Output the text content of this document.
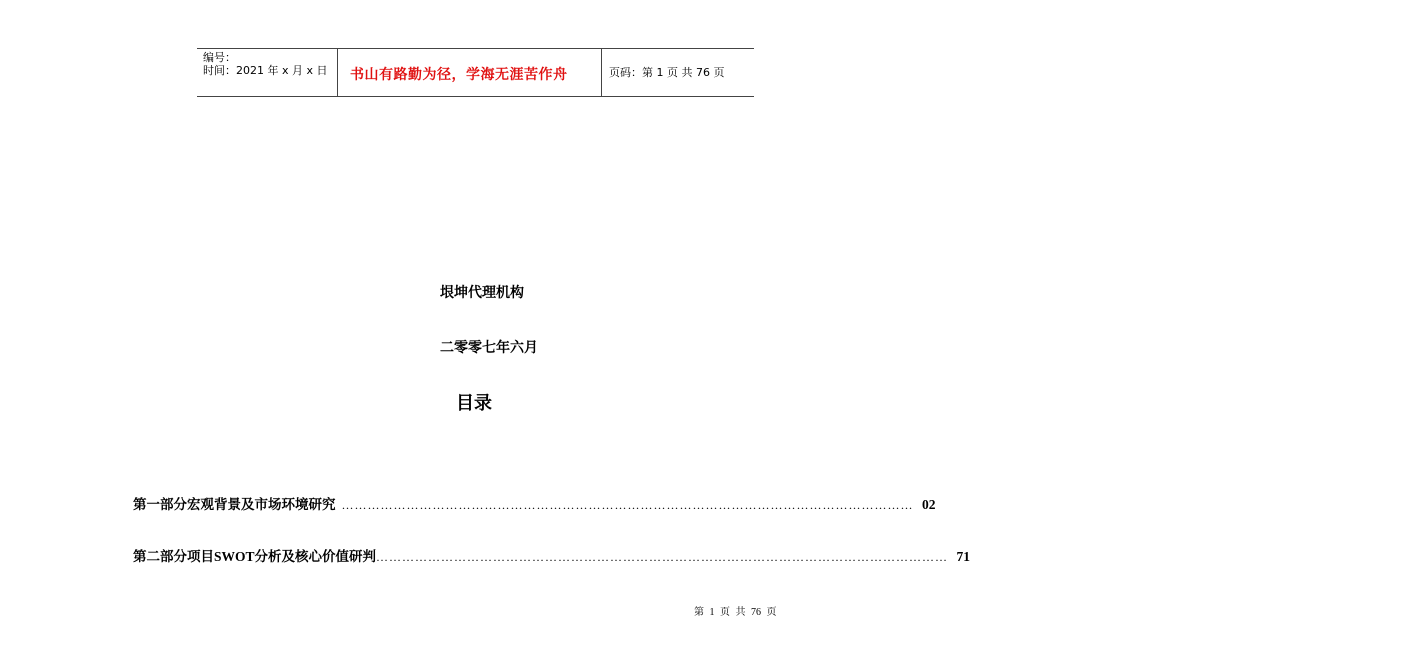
编号：
时间：2021 年 x 月 x 日 书山有路勤为径，学海无涯苦作舟	页码：第 1 页 共 76 页
垠坤代理机构
二零零七年六月
目录
第一部分 宏观背景及市场环境研究 …………………………………………………………………………………………………………………… 02
第二部分 项目SWOT分析及核心价值研判 …………………………………………………………………………………………………………………… 71
第 1 页 共 76 页
